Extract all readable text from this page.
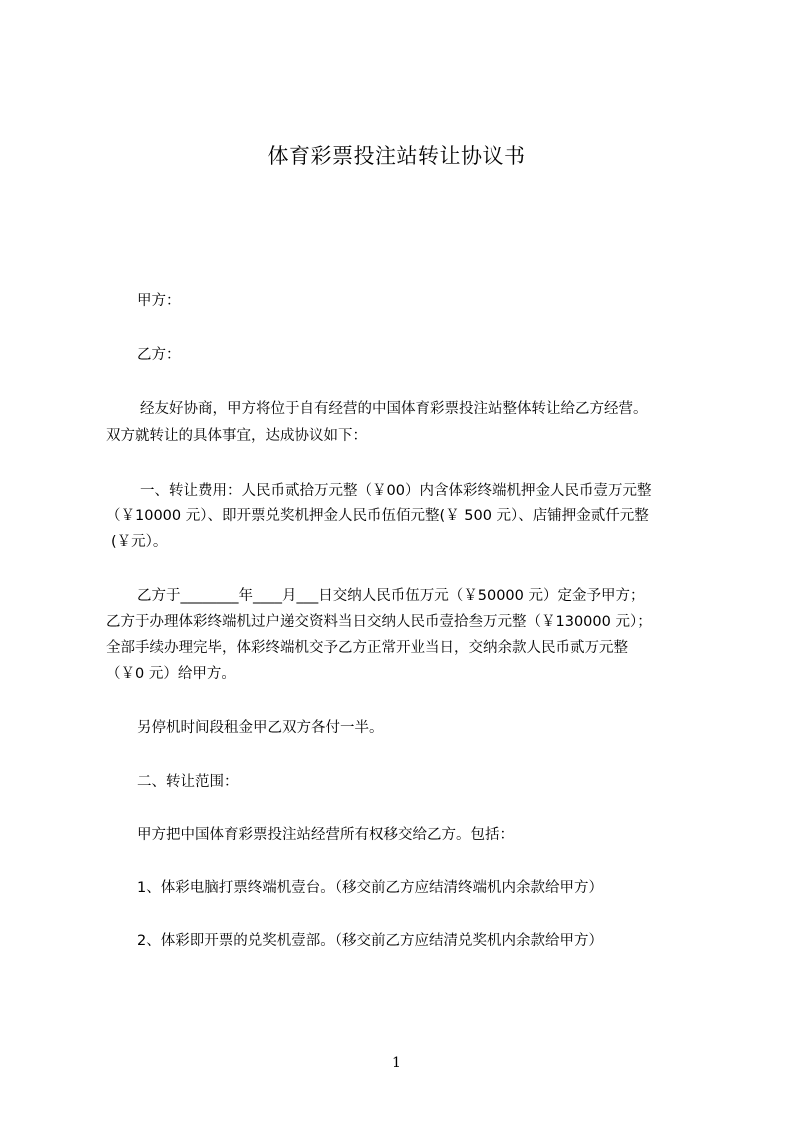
体育彩票投注站转让协议书
甲方：
乙方：
经友好协商，甲方将位于自有经营的中国体育彩票投注站整体转让给乙方经营。
双方就转让的具体事宜，达成协议如下：
一、转让费用：人民币贰拾万元整（￥00）内含体彩终端机押金人民币壹万元整
（￥10000 元）、即开票兑奖机押金人民币伍佰元整(￥ 500 元）、店铺押金贰仟元整
(￥元）。
乙方于________年____月___日交纳人民币伍万元（￥50000 元）定金予甲方；
乙方于办理体彩终端机过户递交资料当日交纳人民币壹拾叁万元整（￥130000 元）；
全部手续办理完毕，体彩终端机交予乙方正常开业当日，交纳余款人民币贰万元整
（￥0 元）给甲方。
另停机时间段租金甲乙双方各付一半。
二、转让范围：
甲方把中国体育彩票投注站经营所有权移交给乙方。包括：
1、体彩电脑打票终端机壹台。（移交前乙方应结清终端机内余款给甲方）
2、体彩即开票的兑奖机壹部。（移交前乙方应结清兑奖机内余款给甲方）
1
